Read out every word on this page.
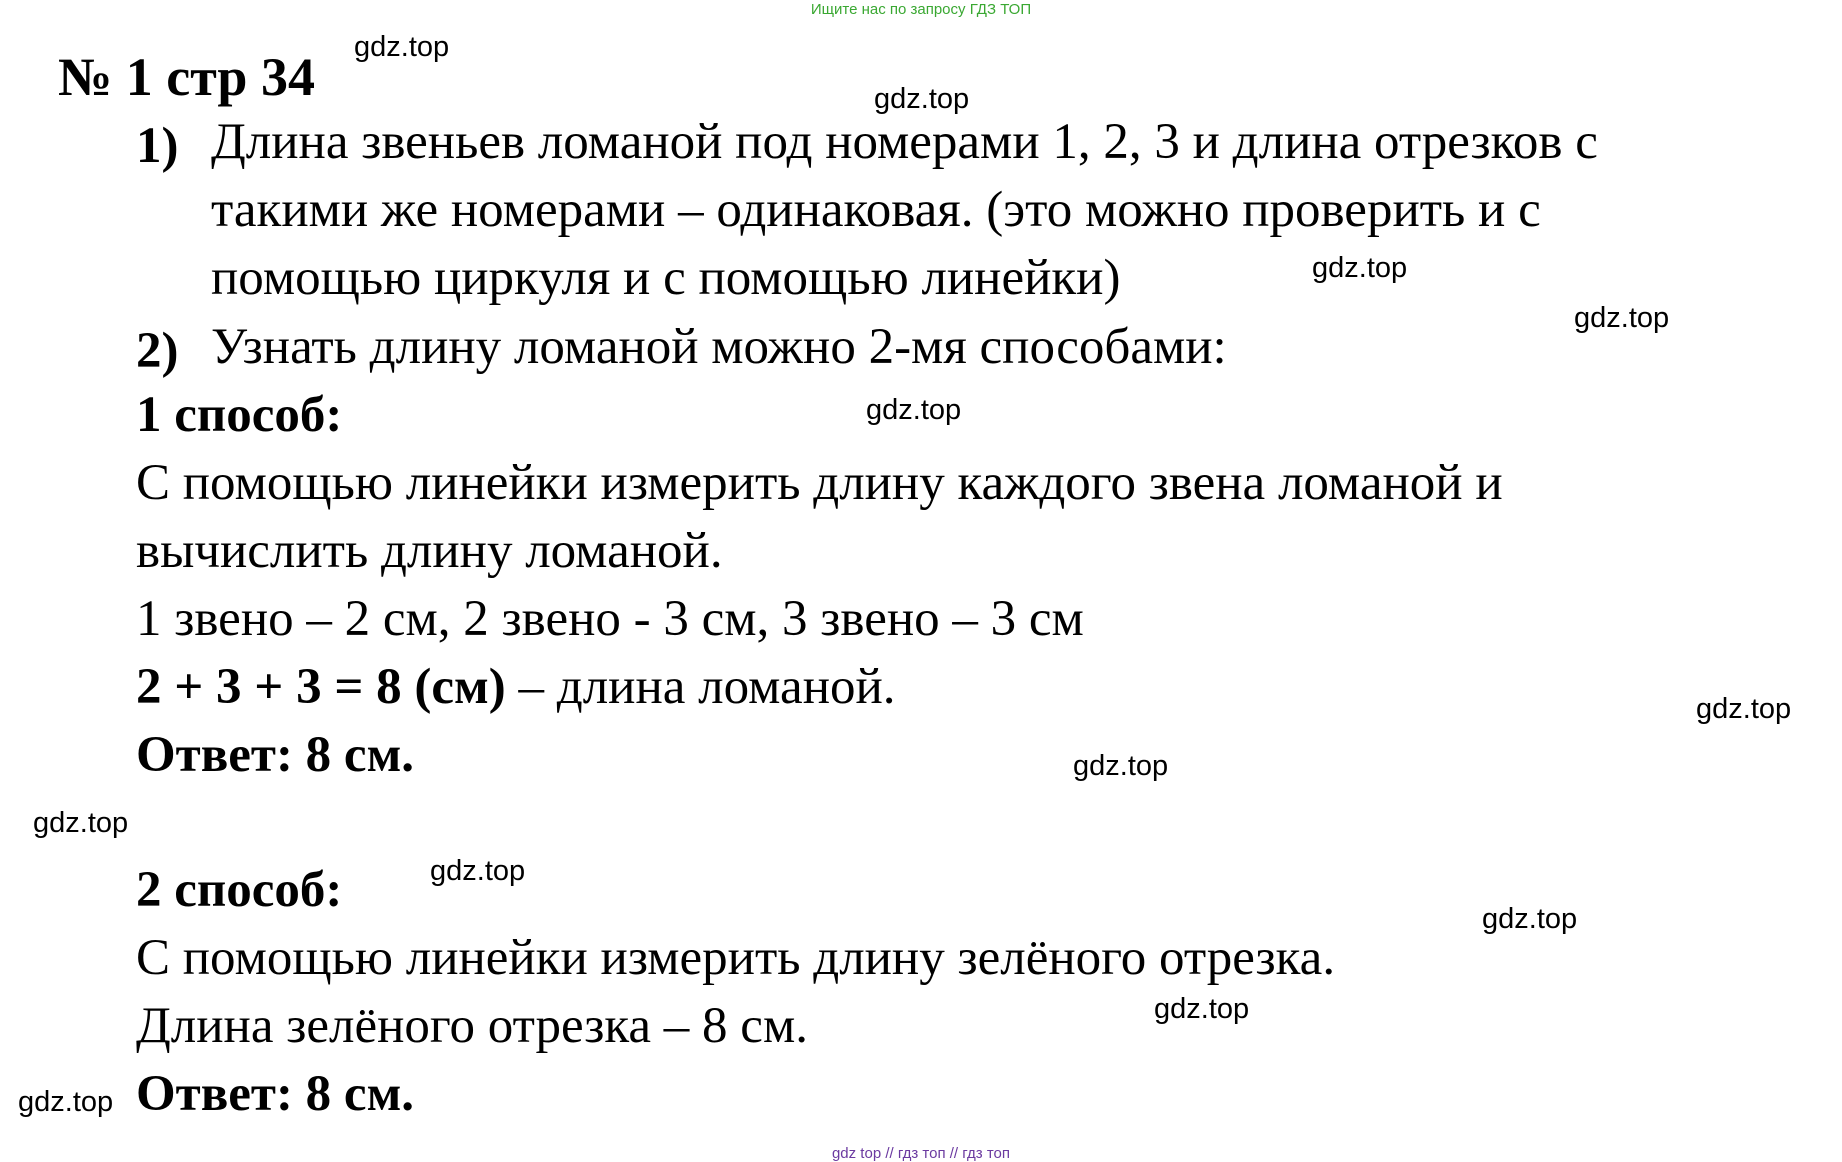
Ищите нас по запросу ГДЗ ТОП
№ 1 стр 34
1) Длина звеньев ломаной под номерами 1, 2, 3 и длина отрезков с
такими же номерами – одинаковая. (это можно проверить и с
помощью циркуля и с помощью линейки)
2) Узнать длину ломаной можно 2-мя способами:
1 способ:
С помощью линейки измерить длину каждого звена ломаной и
вычислить длину ломаной.
1 звено – 2 см, 2 звено - 3 см, 3 звено – 3 см
2 + 3 + 3 = 8 (см) – длина ломаной.
Ответ: 8 см.
2 способ:
С помощью линейки измерить длину зелёного отрезка.
Длина зелёного отрезка – 8 см.
Ответ: 8 см.
gdz.top
gdz.top
gdz.top
gdz.top
gdz.top
gdz.top
gdz.top
gdz.top
gdz.top
gdz.top
gdz.top
gdz.top
gdz top // гдз топ // гдз топ
